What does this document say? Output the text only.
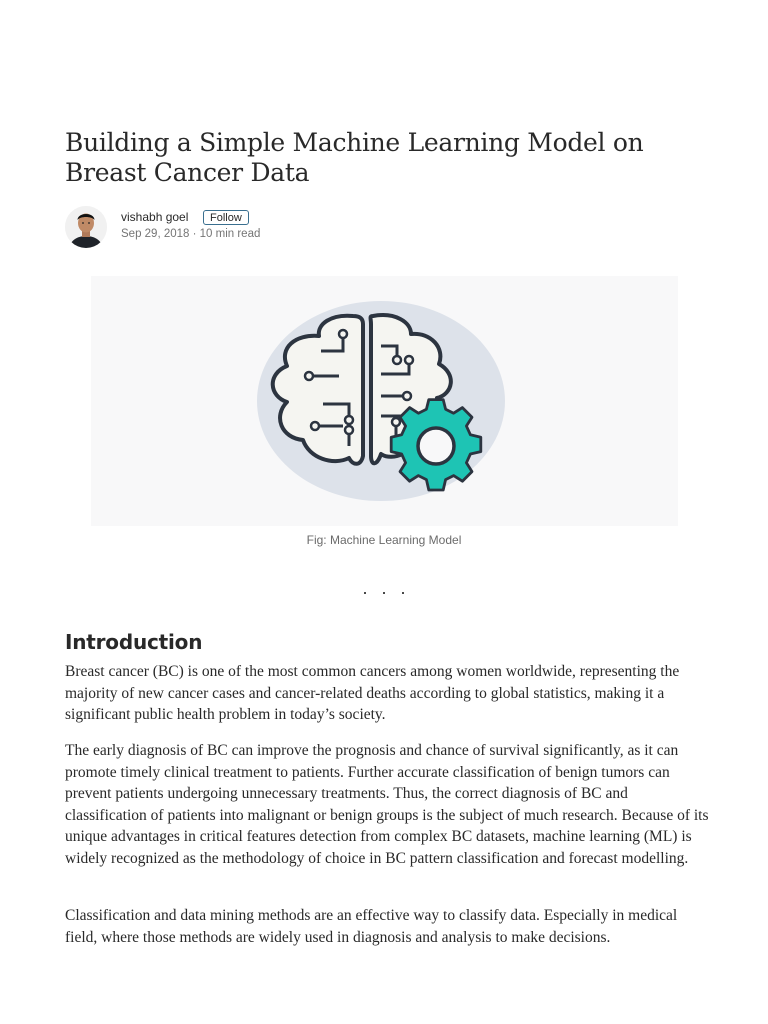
Building a Simple Machine Learning Model on Breast Cancer Data
vishabh goel	Follow
Sep 29, 2018 · 10 min read
Fig: Machine Learning Model
...
Introduction

Breast cancer (BC) is one of the most common cancers among women worldwide, representing the majority of new cancer cases and cancer-related deaths according to global statistics, making it a significant public health problem in today’s society.

The early diagnosis of BC can improve the prognosis and chance of survival significantly, as it can promote timely clinical treatment to patients. Further accurate classification of benign tumors can prevent patients undergoing unnecessary treatments. Thus, the correct diagnosis of BC and classification of patients into malignant or benign groups is the subject of much research. Because of its unique advantages in critical features detection from complex BC datasets, machine learning (ML) is widely recognized as the methodology of choice in BC pattern classification and forecast modelling.

Classification and data mining methods are an effective way to classify data. Especially in medical field, where those methods are widely used in diagnosis and analysis to make decisions.
